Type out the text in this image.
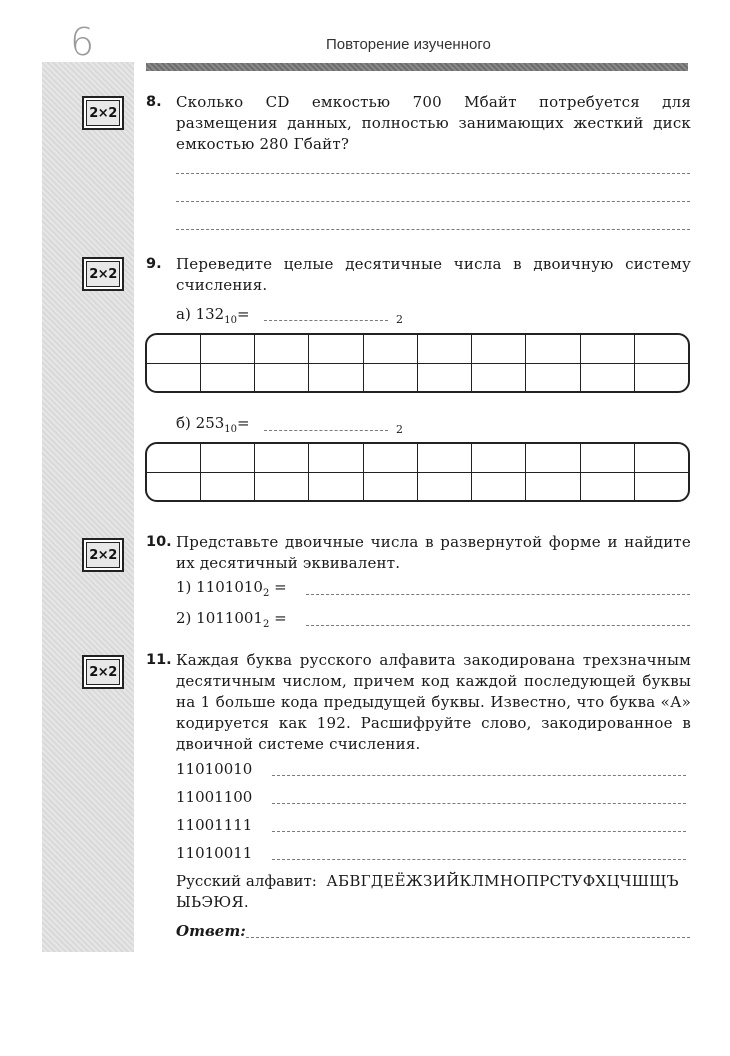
6	Повторение изученного
2×2
8. Сколько CD емкостью 700 Мбайт потребуется для размещения данных, полностью занимающих жесткий диск емкостью 280 Гбайт?
2×2
9. Переведите целые десятичные числа в двоичную систему счисления.
а) $132_{10}=$	2
б) $253_{10}=$	2
2×2
10. Представьте двоичные числа в развернутой форме и найдите их десятичный эквивалент.
1) $1101010_2$ =
2) $1011001_2$ =
2×2
11. Каждая буква русского алфавита закодирована трехзначным десятичным числом, причем код каждой последующей буквы на 1 больше кода предыдущей буквы. Известно, что буква «А» кодируется как 192. Расшифруйте слово, закодированное в двоичной системе счисления.
11010010
11001100
11001111
11010011
Русский алфавит: АБВГДЕЁЖЗИЙКЛМНОПРСТУФХЦЧШЩЪЫЬЭЮЯ.
Ответ:
